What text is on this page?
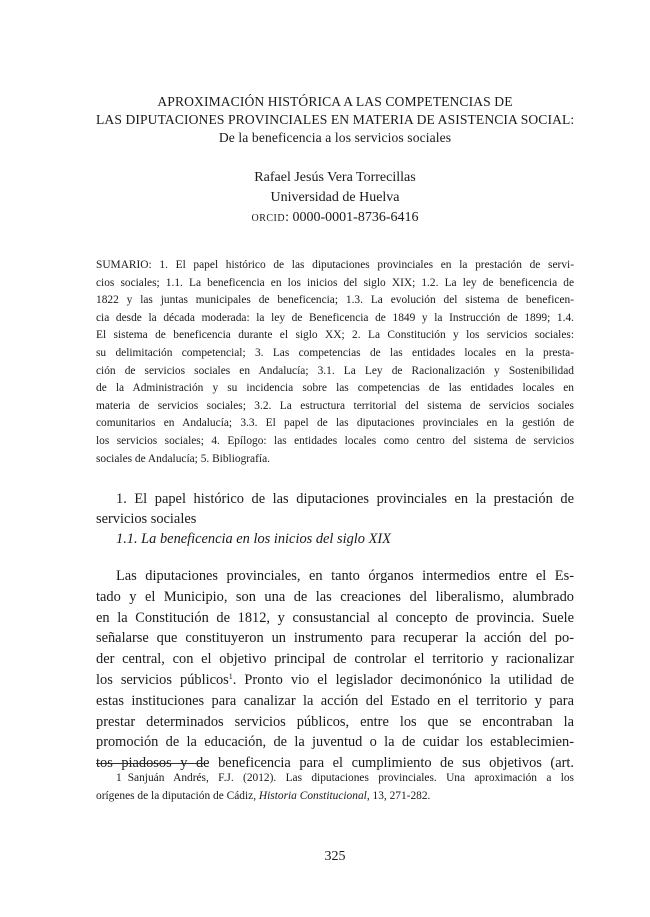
APROXIMACIÓN HISTÓRICA A LAS COMPETENCIAS DE
LAS DIPUTACIONES PROVINCIALES EN MATERIA DE ASISTENCIA SOCIAL:
De la beneficencia a los servicios sociales
Rafael Jesús Vera Torrecillas
Universidad de Huelva
ORCID: 0000-0001-8736-6416
SUMARIO: 1. El papel histórico de las diputaciones provinciales en la prestación de servi-
cios sociales; 1.1. La beneficencia en los inicios del siglo XIX; 1.2. La ley de beneficencia de
1822 y las juntas municipales de beneficencia; 1.3. La evolución del sistema de beneficen-
cia desde la década moderada: la ley de Beneficencia de 1849 y la Instrucción de 1899; 1.4.
El sistema de beneficencia durante el siglo XX; 2. La Constitución y los servicios sociales:
su delimitación competencial; 3. Las competencias de las entidades locales en la presta-
ción de servicios sociales en Andalucía; 3.1. La Ley de Racionalización y Sostenibilidad
de la Administración y su incidencia sobre las competencias de las entidades locales en
materia de servicios sociales; 3.2. La estructura territorial del sistema de servicios sociales
comunitarios en Andalucía; 3.3. El papel de las diputaciones provinciales en la gestión de
los servicios sociales; 4. Epílogo: las entidades locales como centro del sistema de servicios
sociales de Andalucía; 5. Bibliografía.
1. El papel histórico de las diputaciones provinciales en la prestación de
servicios sociales
1.1. La beneficencia en los inicios del siglo XIX
Las diputaciones provinciales, en tanto órganos intermedios entre el Es-
tado y el Municipio, son una de las creaciones del liberalismo, alumbrado
en la Constitución de 1812, y consustancial al concepto de provincia. Suele
señalarse que constituyeron un instrumento para recuperar la acción del po-
der central, con el objetivo principal de controlar el territorio y racionalizar
los servicios públicos$^1$. Pronto vio el legislador decimonónico la utilidad de
estas instituciones para canalizar la acción del Estado en el territorio y para
prestar determinados servicios públicos, entre los que se encontraban la
promoción de la educación, de la juventud o la de cuidar los establecimien-
tos piadosos y de beneficencia para el cumplimiento de sus objetivos (art.
1 Sanjuán Andrés, F.J. (2012). Las diputaciones provinciales. Una aproximación a los
orígenes de la diputación de Cádiz, Historia Constitucional, 13, 271-282.
325
